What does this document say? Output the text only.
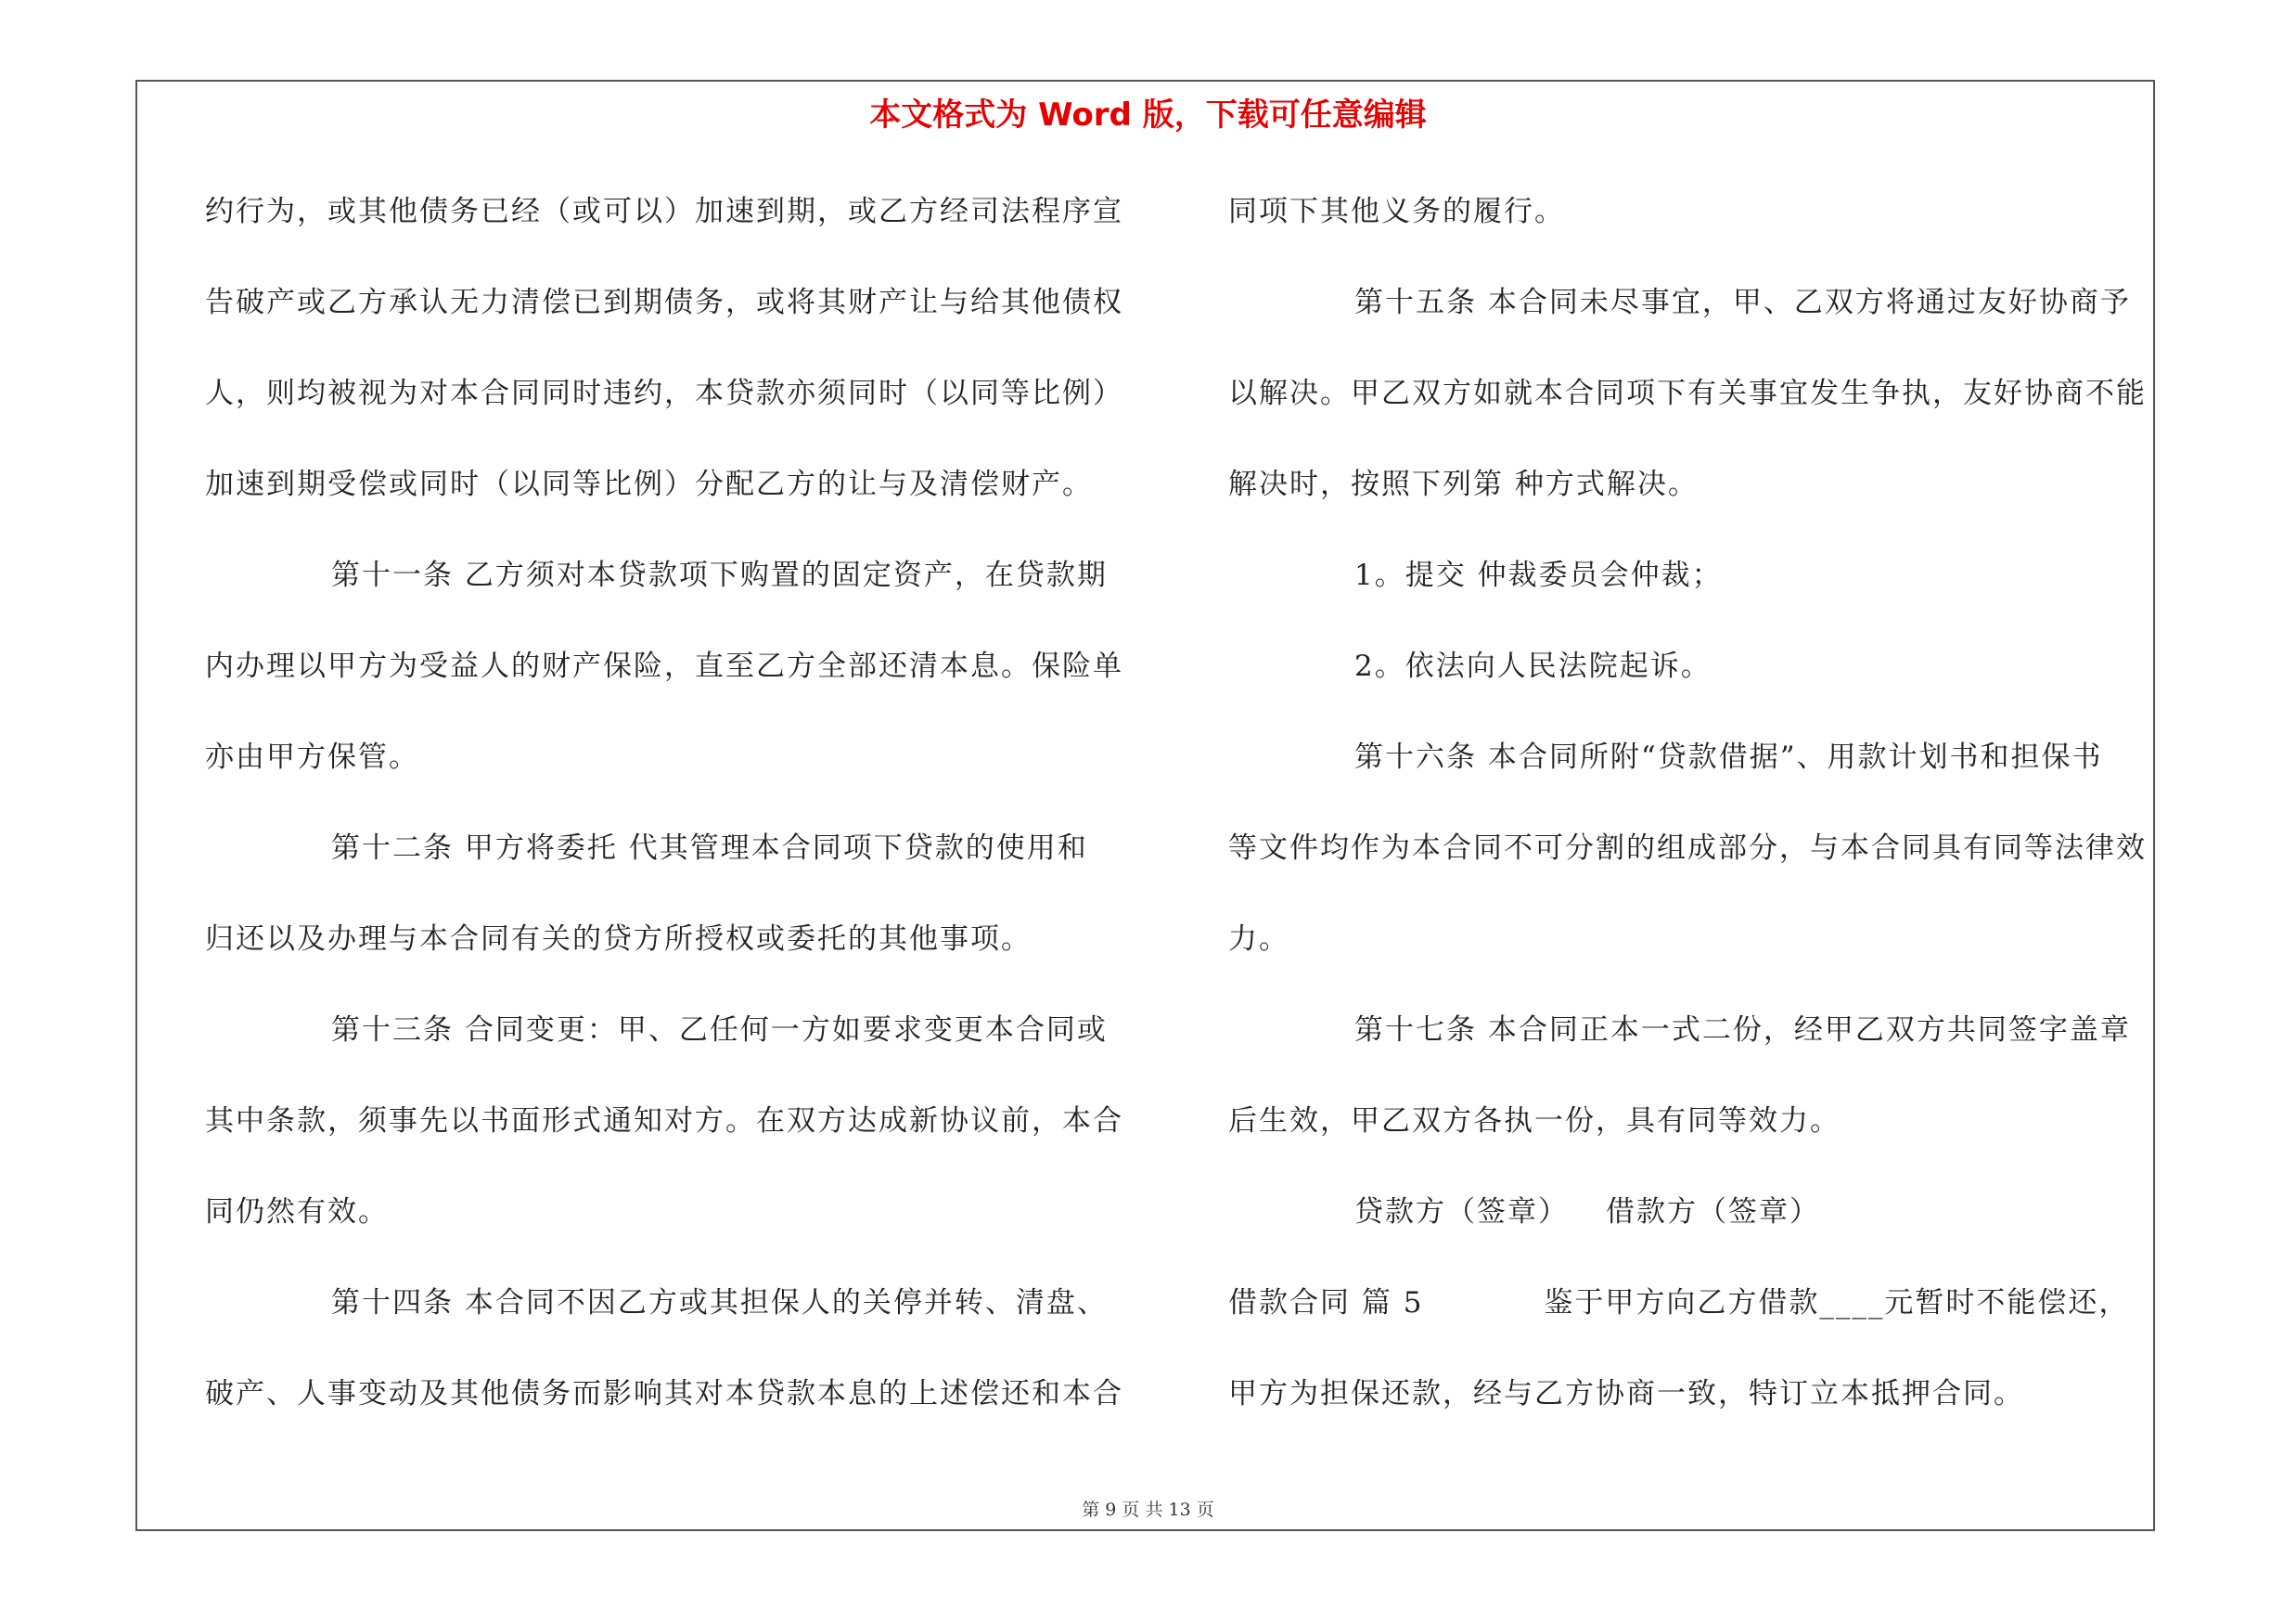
本文格式为 Word 版，下载可任意编辑
约行为，或其他债务已经（或可以）加速到期，或乙方经司法程序宣
告破产或乙方承认无力清偿已到期债务，或将其财产让与给其他债权
人，则均被视为对本合同同时违约，本贷款亦须同时（以同等比例）
加速到期受偿或同时（以同等比例）分配乙方的让与及清偿财产。
第十一条 乙方须对本贷款项下购置的固定资产，在贷款期
内办理以甲方为受益人的财产保险，直至乙方全部还清本息。保险单
亦由甲方保管。
第十二条 甲方将委托 代其管理本合同项下贷款的使用和
归还以及办理与本合同有关的贷方所授权或委托的其他事项。
第十三条 合同变更：甲、乙任何一方如要求变更本合同或
其中条款，须事先以书面形式通知对方。在双方达成新协议前，本合
同仍然有效。
第十四条 本合同不因乙方或其担保人的关停并转、清盘、
破产、人事变动及其他债务而影响其对本贷款本息的上述偿还和本合
同项下其他义务的履行。
第十五条 本合同未尽事宜，甲、乙双方将通过友好协商予
以解决。甲乙双方如就本合同项下有关事宜发生争执，友好协商不能
解决时，按照下列第 种方式解决。
1。提交 仲裁委员会仲裁；
2。依法向人民法院起诉。
第十六条 本合同所附“贷款借据”、用款计划书和担保书
等文件均作为本合同不可分割的组成部分，与本合同具有同等法律效
力。
第十七条 本合同正本一式二份，经甲乙双方共同签字盖章
后生效，甲乙双方各执一份，具有同等效力。
贷款方（签章） 借款方（签章）
借款合同 篇 5	鉴于甲方向乙方借款____元暂时不能偿还，
甲方为担保还款，经与乙方协商一致，特订立本抵押合同。
第 9 页 共 13 页
